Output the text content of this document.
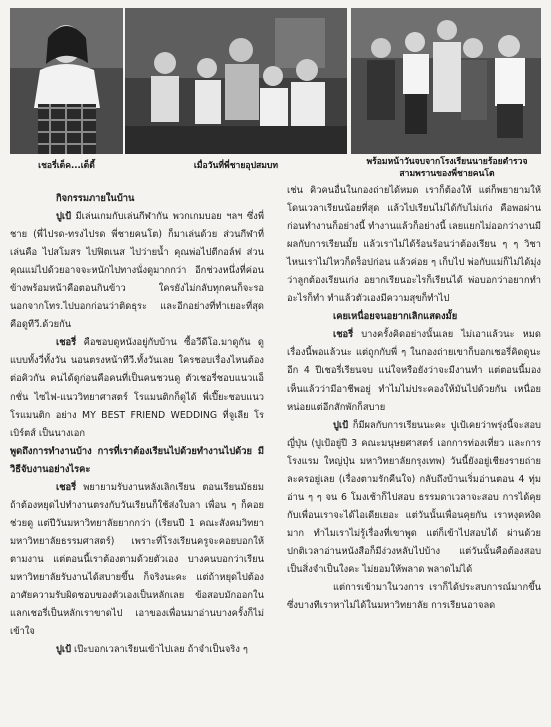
เชอรี่เด็ค...เด็ดี้	เมื่อวันที่พี่ชายอุปสมบท	พร้อมหน้าวันจบจากโรงเรียนนายร้อยตำรวจสามพรานของพี่ชายคนโต

กิจกรรมภายในบ้าน

ปูเป้ มีเล่นเกมกับเล่นกีฬากัน พวกเกมบอย ฯลฯ ซึ่งพี่ชาย (พี่ไปรด-ทรงไปรด พี่ชายคนโต) ก็มาเล่นด้วย ส่วนกีฬาที่เล่นคือ ไปสโมสร ไปฟิตเนส ไปว่ายน้ำ คุณพ่อไปตีกอล์ฟ ส่วนคุณแม่ไปด้วยอาจจะหนักไปทางนั่งดูมากกว่า อีกช่วงหนึ่งที่ค่อนข้างพร้อมหน้าคือตอนกินข้าว ใครยังไม่กลับทุกคนก็จะรอ นอกจากโทร.ไปบอกก่อนว่าติดธุระ และอีกอย่างที่ทำเยอะที่สุดคือดูทีวี.ด้วยกัน

เชอรี่ คือชอบดูหนังอยู่กับบ้าน ซื้อวีดีโอ.มาดูกัน ดูแบบทั้งวี่ทั้งวัน นอนตรงหน้าทีวี.ทั้งวันเลย ใครชอบเรื่องไหนต้องต่อคิวกัน คนได้ดูก่อนคือคนที่เป็นคนชวนดู ตัวเชอรี่ชอบแนวแอ็กชั่น ไซไฟ-แนววิทยาศาสตร์ โรแมนติกก็ดูได้ พี่เปี๊ยะชอบแนวโรแมนติก อย่าง MY BEST FRIEND WEDDING ที่จูเลีย โรเบิร์ตส์ เป็นนางเอก

พูดถึงการทำงานบ้าง การที่เราต้องเรียนไปด้วยทำงานไปด้วย มีวิธีจับงานอย่างไรคะ

เชอรี่ พยายามรับงานหลังเลิกเรียน ตอนเรียนมัธยมถ้าต้องหยุดไปทำงานตรงกับวันเรียนก็ใช้ส่งใบลา เพื่อน ๆ ก็คอยช่วยดู แต่ปีวันมหาวิทยาลัยยากกว่า (เรียนปี 1 คณะสังคมวิทยา มหาวิทยาลัยธรรมศาสตร์) เพราะที่โรงเรียนครูจะคอยบอกให้ตามงาน แต่ตอนนี้เราต้องตามด้วยตัวเอง บางคนบอกว่าเรียนมหาวิทยาลัยรับงานได้สบายขึ้น ก็จริงนะคะ แต่ถ้าหยุดไปต้องอาศัยความรับผิดชอบของตัวเองเป็นหลักเลย ข้อสอบมักออกในแลกเชอรี่เป็นหลักเราขาดไป เอาของเพื่อนมาอ่านบางครั้งก็ไม่เข้าใจ

ปูเป้ เป๊ะบอกเวลาเรียนเข้าไปเลย ถ้าจำเป็นจริง ๆ

เช่น คิวคนอื่นในกองถ่ายได้หมด เราก็ต้องให้ แต่ก็พยายามให้โดนเวลาเรียนน้อยที่สุด แล้วไปเรียนไม่ได้กับไม่เก่ง คือพอผ่าน ก่อนทำงานก็อย่างนี้ ทำงานแล้วก็อย่างนี้ เลยแยกไม่ออกว่างานมีผลกับการเรียนมั้ย แล้วเราไม่ได้ร้อนร้อนว่าต้องเรียน ๆ ๆ วิชาไหนเราไม่ไหวก็ดร็อปก่อน แล้วค่อย ๆ เก็บไป พ่อกับแม่ก็ไม่ได้มุ่งว่าลูกต้องเรียนเก่ง อยากเรียนอะไรก็เรียนได้ พ่อบอกว่าอยากทำอะไรก็ทำ ทำแล้วตัวเองมีความสุขก็ทำไป

เคยเหนื่อยจนอยากเลิกแสดงมั้ย

เชอรี่ บางครั้งคิดอย่างนั้นเลย ไม่เอาแล้วนะ หมดเรื่องนี้พอแล้วนะ แต่ถูกกับพี่ ๆ ในกองถ่ายเขาก็บอกเชอรี่คิดดูนะ อีก 4 ปีเชอรี่เรียนจบ แน่ใจหรือยังว่าจะมีงานทำ แต่ตอนนี้มองเห็นแล้วว่ามีอาชีพอยู่ ทำไมไม่ประคองให้มันไปด้วยกัน เหนื่อยหน่อยแต่อีกสักพักก็สบาย

ปูเป้ ก็มีผลกับการเรียนนะคะ ปูเป้เคยว่าพรุ่งนี้จะสอบญี่ปุ่น (ปูเป้อยู่ปี 3 คณะมนุษยศาสตร์ เอกการท่องเที่ยว และการโรงแรม ใหญ่ปุ่น มหาวิทยาลัยกรุงเทพ) วันนี้ยังอยู่เชียงรายถ่ายละครอยู่เลย (เรื่องตามรักคืนใจ) กลับถึงบ้านเริ่มอ่านตอน 4 ทุ่ม อ่าน ๆ ๆ จน 6 โมงเช้าก็ไปสอบ ธรรมดาเวลาจะสอบ การได้คุยกับเพื่อนเราจะได้ไอเดียเยอะ แต่วันนั้นเพื่อนคุยกัน เราหงุดหงิดมาก ทำไมเราไม่รู้เรื่องที่เขาพูด แต่ก็เข้าไปสอบได้ ผ่านด้วย ปกติเวลาอ่านหนังสือก็มีง่วงหลับไปบ้าง แต่วันนั้นคือต้องสอบ เป็นสิ่งจำเป็นใงคะ ไม่ยอมให้พลาด พลาดไม่ได้

แต่การเข้ามาในวงการ เราก็ได้ประสบการณ์มากขึ้น ซึ่งบางทีเราหาไม่ได้ในมหาวิทยาลัย การเรียนอาจลด
